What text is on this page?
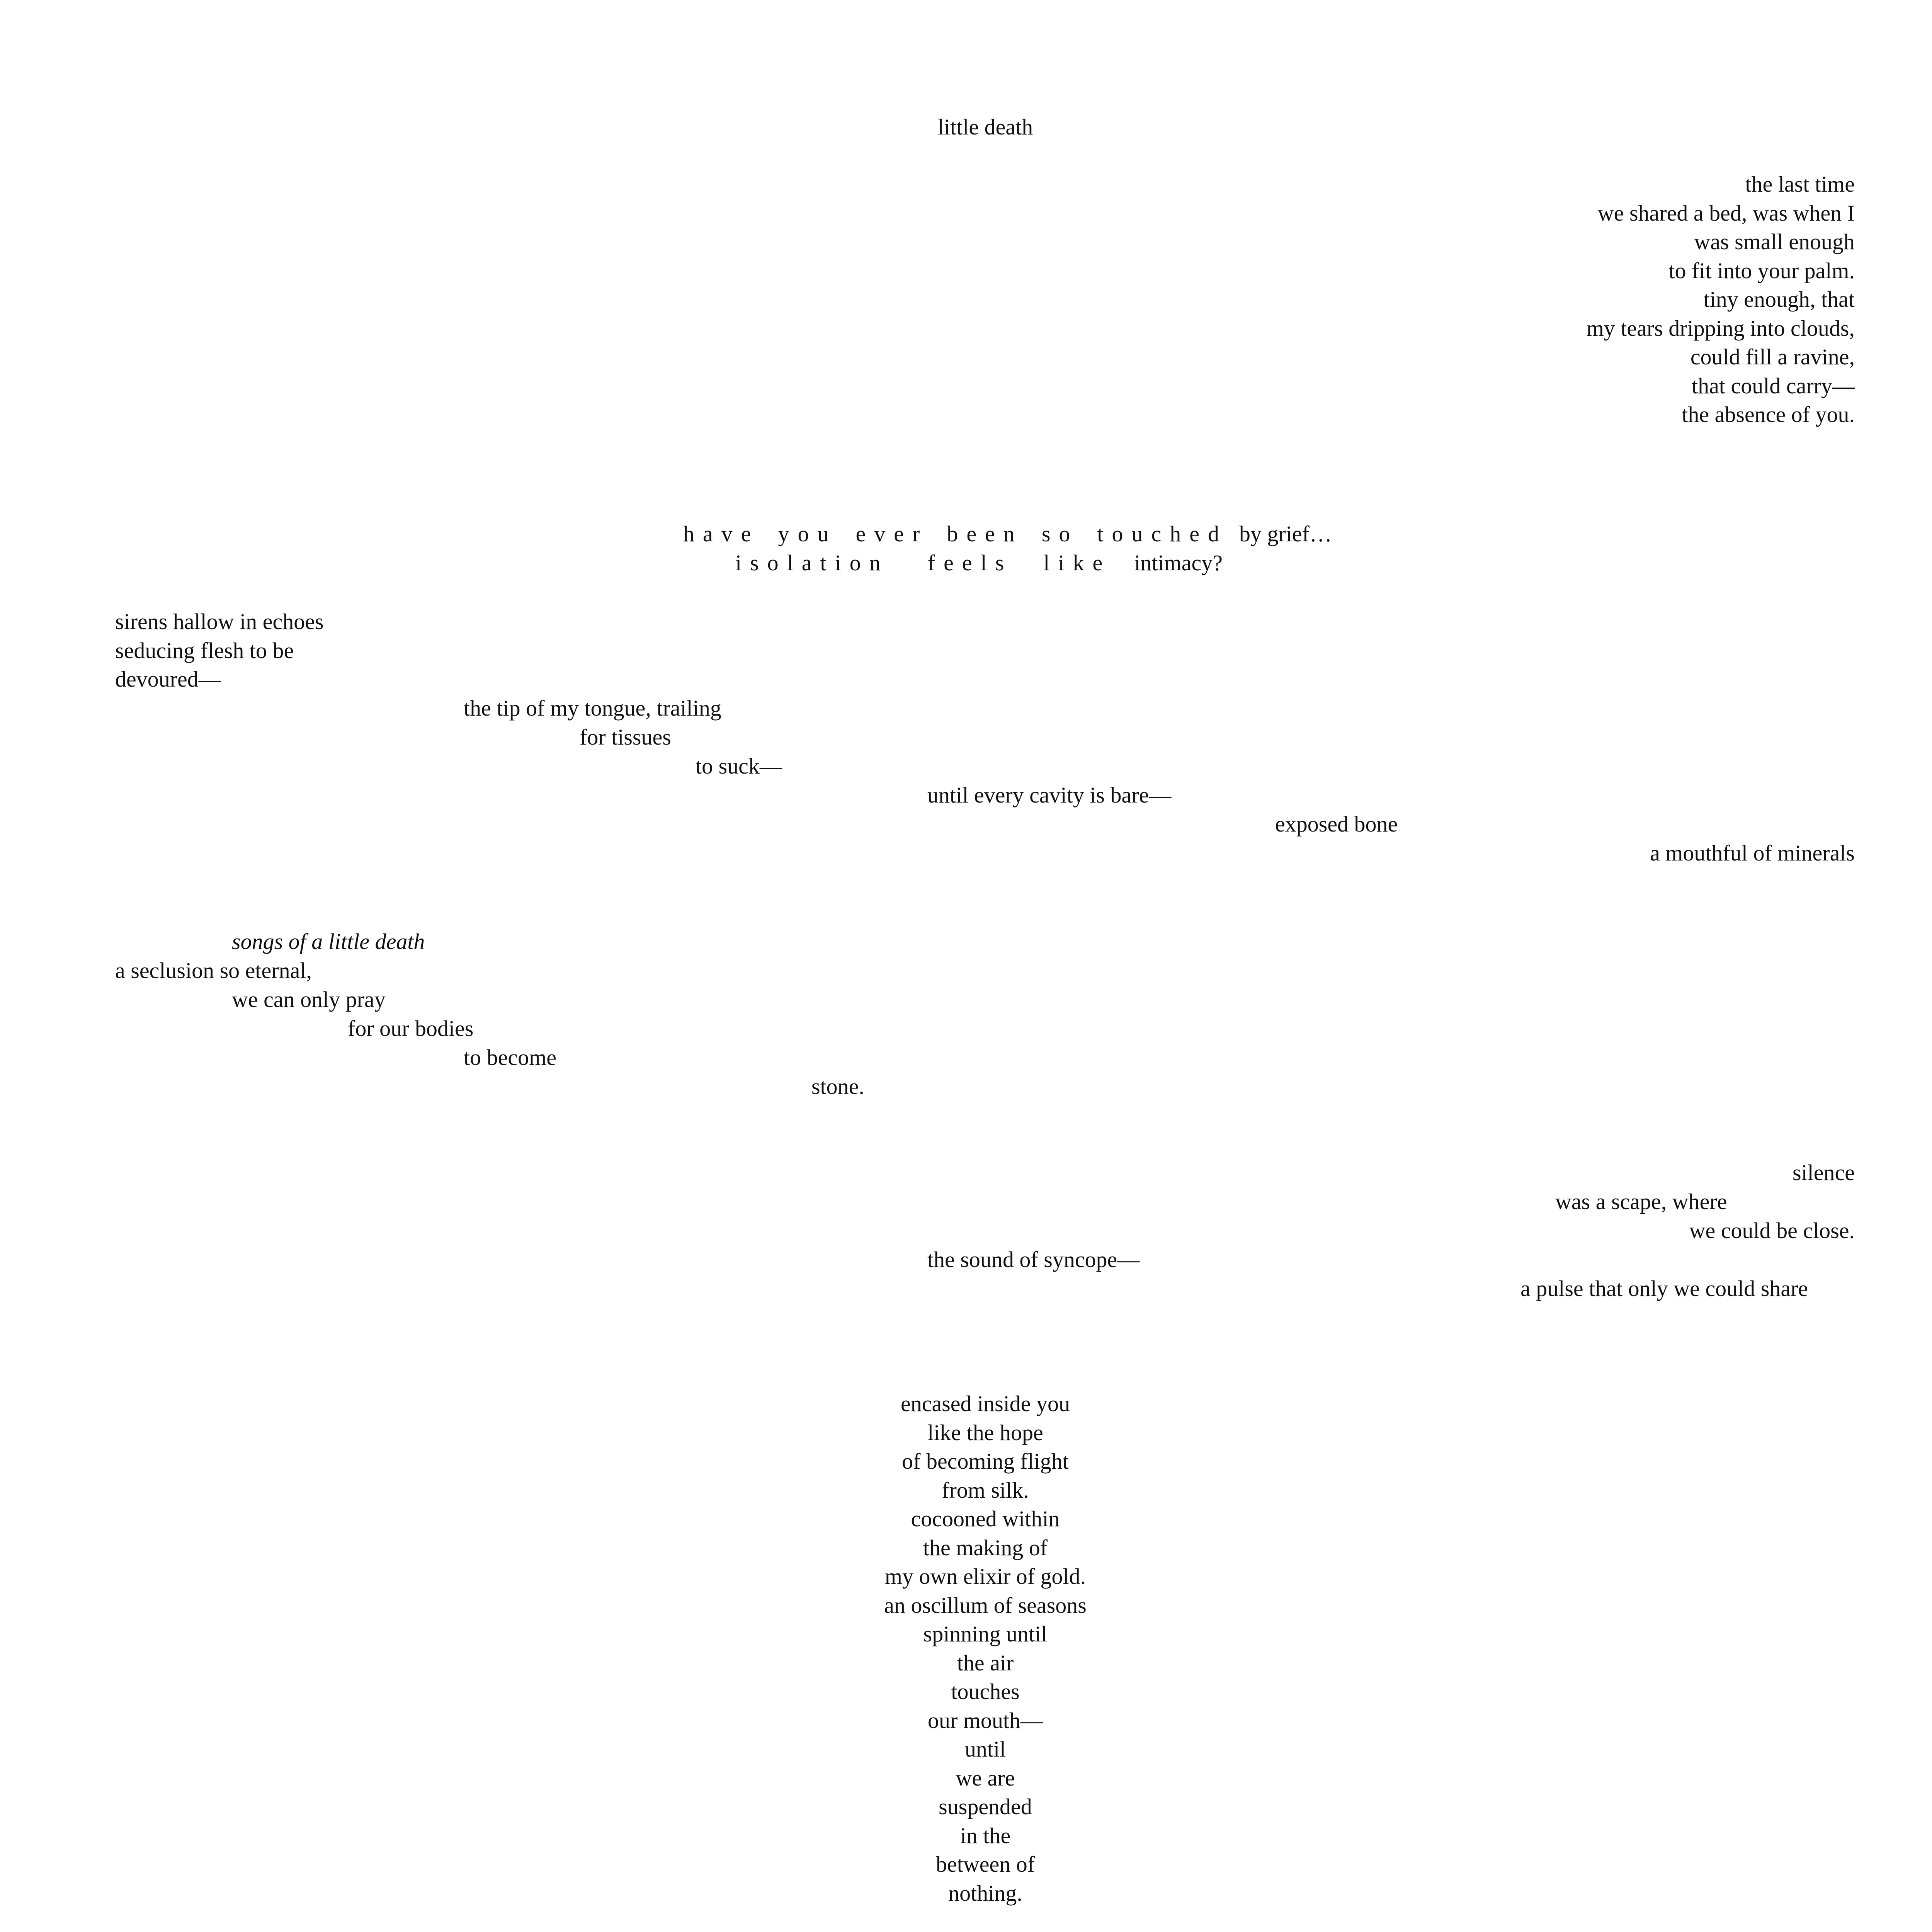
little death
the last time
we shared a bed, was when I
was small enough
to fit into your palm.
tiny enough, that
my tears dripping into clouds,
could fill a ravine,
that could carry—
the absence of you.

have you ever been so touched by grief…

isolation feels like intimacy?

sirens hallow in echoes
seducing flesh to be
devoured—
the tip of my tongue, trailing
for tissues
to suck—
until every cavity is bare—
exposed bone
a mouthful of minerals
songs of a little death
a seclusion so eternal,
we can only pray
for our bodies
to become
stone.
silence
was a scape, where
we could be close.
the sound of syncope—
a pulse that only we could share
encased inside you
like the hope
of becoming flight
from silk.
cocooned within
the making of
my own elixir of gold.
an oscillum of seasons
spinning until
the air
touches
our mouth—
until
we are
suspended
in the
between of
nothing.
